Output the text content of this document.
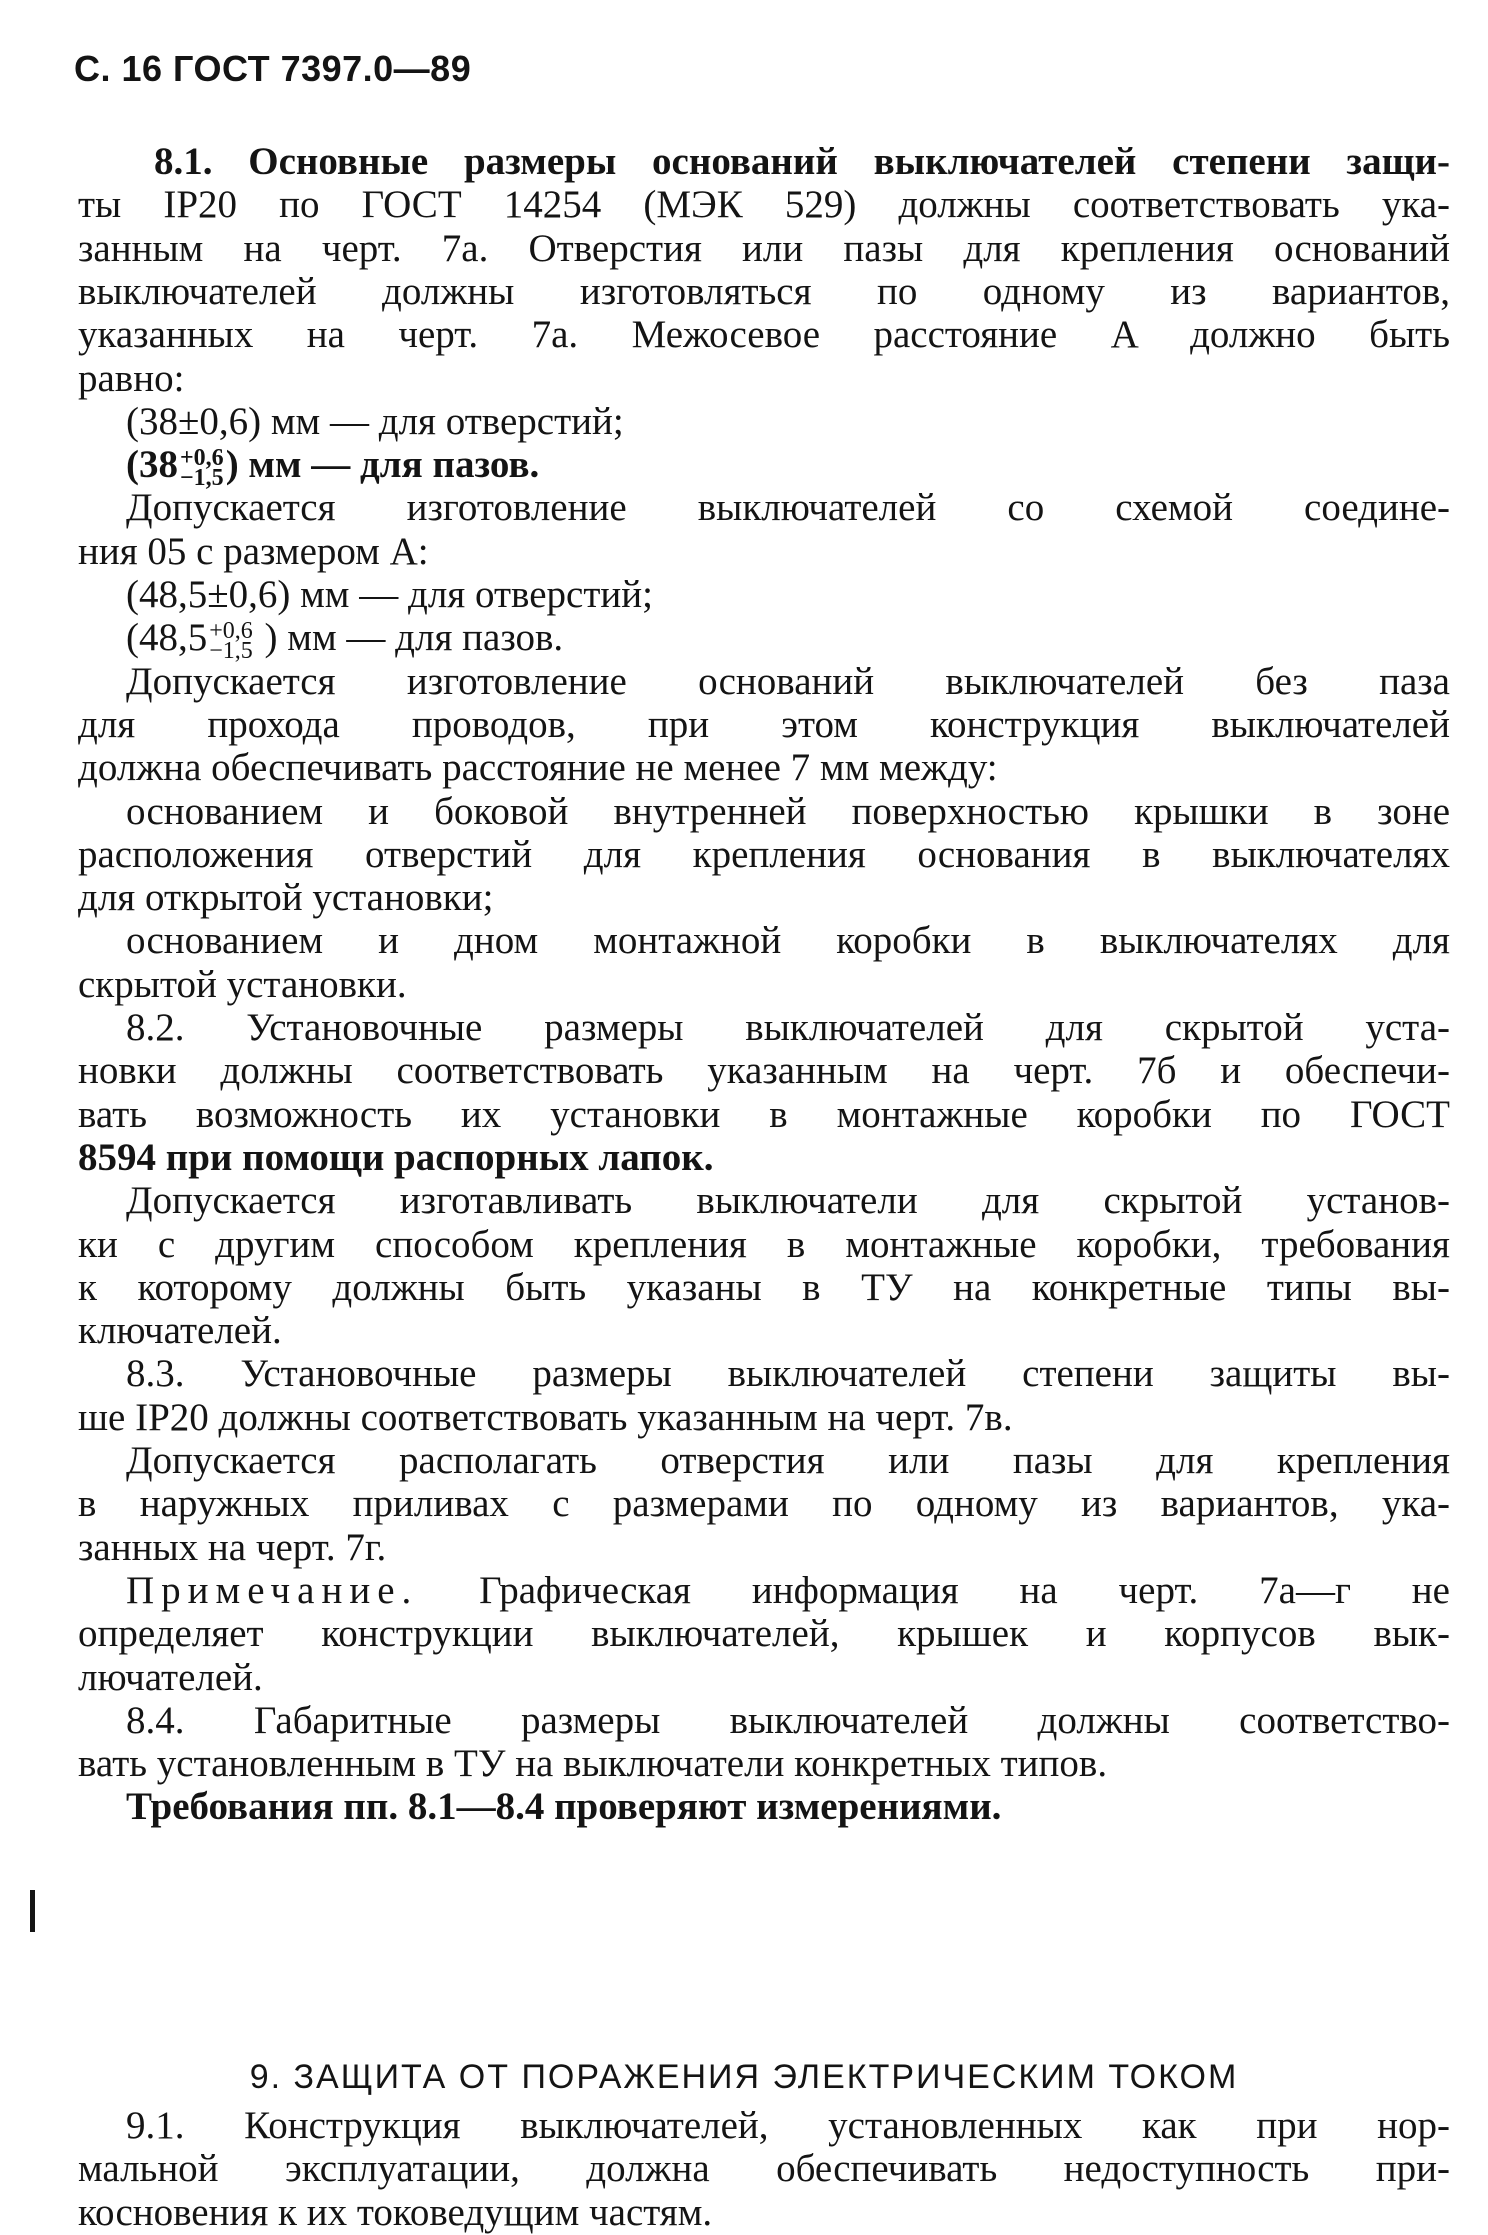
С. 16 ГОСТ 7397.0—89
8.1. Основные размеры оснований выключателей степени защи-
ты IP20 по ГОСТ 14254 (МЭК 529) должны соответствовать ука-
занным на черт. 7а. Отверстия или пазы для крепления оснований
выключателей должны изготовляться по одному из вариантов,
указанных на черт. 7а. Межосевое расстояние A должно быть
равно:
(38±0,6) мм — для отверстий;
(38 +0,6
−1,5 ) мм — для пазов.
Допускается изготовление выключателей со схемой соедине-
ния 05 с размером A:
(48,5±0,6) мм — для отверстий;
(48,5 +0,6
−1,5 ) мм — для пазов.
Допускается изготовление оснований выключателей без паза
для прохода проводов, при этом конструкция выключателей
должна обеспечивать расстояние не менее 7 мм между:
основанием и боковой внутренней поверхностью крышки в зоне
расположения отверстий для крепления основания в выключателях
для открытой установки;
основанием и дном монтажной коробки в выключателях для
скрытой установки.
8.2. Установочные размеры выключателей для скрытой уста-
новки должны соответствовать указанным на черт. 7б и обеспечи-
вать возможность их установки в монтажные коробки по ГОСТ
8594 при помощи распорных лапок.
Допускается изготавливать выключатели для скрытой установ-
ки с другим способом крепления в монтажные коробки, требования
к которому должны быть указаны в ТУ на конкретные типы вы-
ключателей.
8.3. Установочные размеры выключателей степени защиты вы-
ше IP20 должны соответствовать указанным на черт. 7в.
Допускается располагать отверстия или пазы для крепления
в наружных приливах с размерами по одному из вариантов, ука-
занных на черт. 7г.
Примечание. Графическая информация на черт. 7а—г не
определяет конструкции выключателей, крышек и корпусов вык-
лючателей.
8.4. Габаритные размеры выключателей должны соответство-
вать установленным в ТУ на выключатели конкретных типов.
Требования пп. 8.1—8.4 проверяют измерениями.
9. ЗАЩИТА ОТ ПОРАЖЕНИЯ ЭЛЕКТРИЧЕСКИМ ТОКОМ
9.1. Конструкция выключателей, установленных как при нор-
мальной эксплуатации, должна обеспечивать недоступность при-
косновения к их токоведущим частям.
